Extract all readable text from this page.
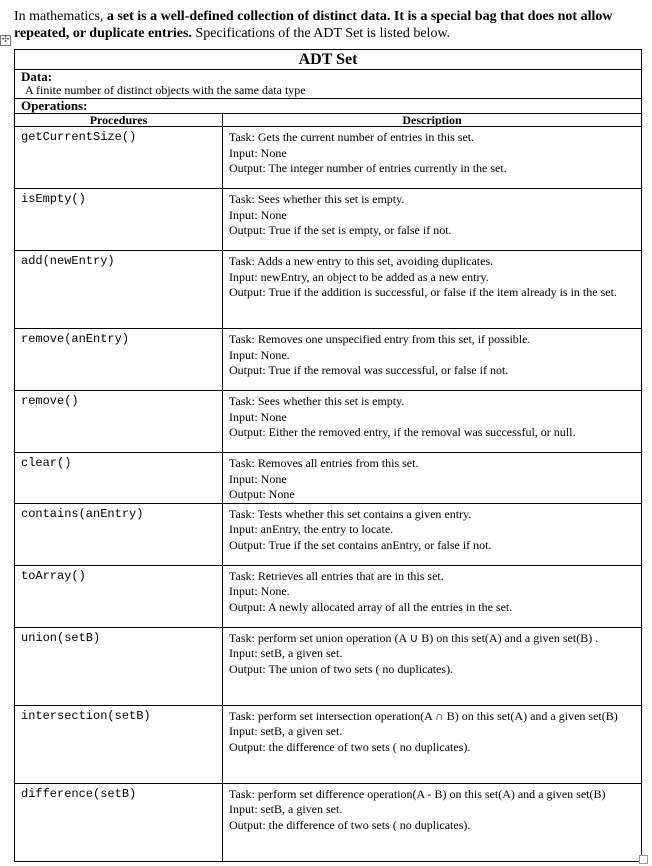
In mathematics, a set is a well-defined collection of distinct data. It is a special bag that does not allow repeated, or duplicate entries. Specifications of the ADT Set is listed below.
✣
ADT Set	

Data:
A finite number of distinct objects with the same data type	

Operations:	
Procedures	Description
getCurrentSize()	Task: Gets the current number of entries in this set.
Input: None
Output: The integer number of entries currently in the set.

isEmpty()	Task: Sees whether this set is empty.
Input: None
Output: True if the set is empty, or false if not.

add(newEntry)	Task: Adds a new entry to this set, avoiding duplicates.
Input: newEntry, an object to be added as a new entry.
Output: True if the addition is successful, or false if the item already is in the set.

remove(anEntry)	Task: Removes one unspecified entry from this set, if possible.
Input: None.
Output: True if the removal was successful, or false if not.

remove()	Task: Sees whether this set is empty.
Input: None
Output: Either the removed entry, if the removal was successful, or null.

clear()	Task: Removes all entries from this set.
Input: None
Output: None

contains(anEntry)	Task: Tests whether this set contains a given entry.
Input: anEntry, the entry to locate.
Output: True if the set contains anEntry, or false if not.

toArray()	Task: Retrieves all entries that are in this set.
Input: None.
Output: A newly allocated array of all the entries in the set.

union(setB)	Task: perform set union operation (A ∪ B) on this set(A) and a given set(B) .
Input: setB, a given set.
Output: The union of two sets ( no duplicates).

intersection(setB)	Task: perform set intersection operation(A ∩ B) on this set(A) and a given set(B)
Input: setB, a given set.
Output: the difference of two sets ( no duplicates).

difference(setB)	Task: perform set difference operation(A - B) on this set(A) and a given set(B)
Input: setB, a given set.
Output: the difference of two sets ( no duplicates).
